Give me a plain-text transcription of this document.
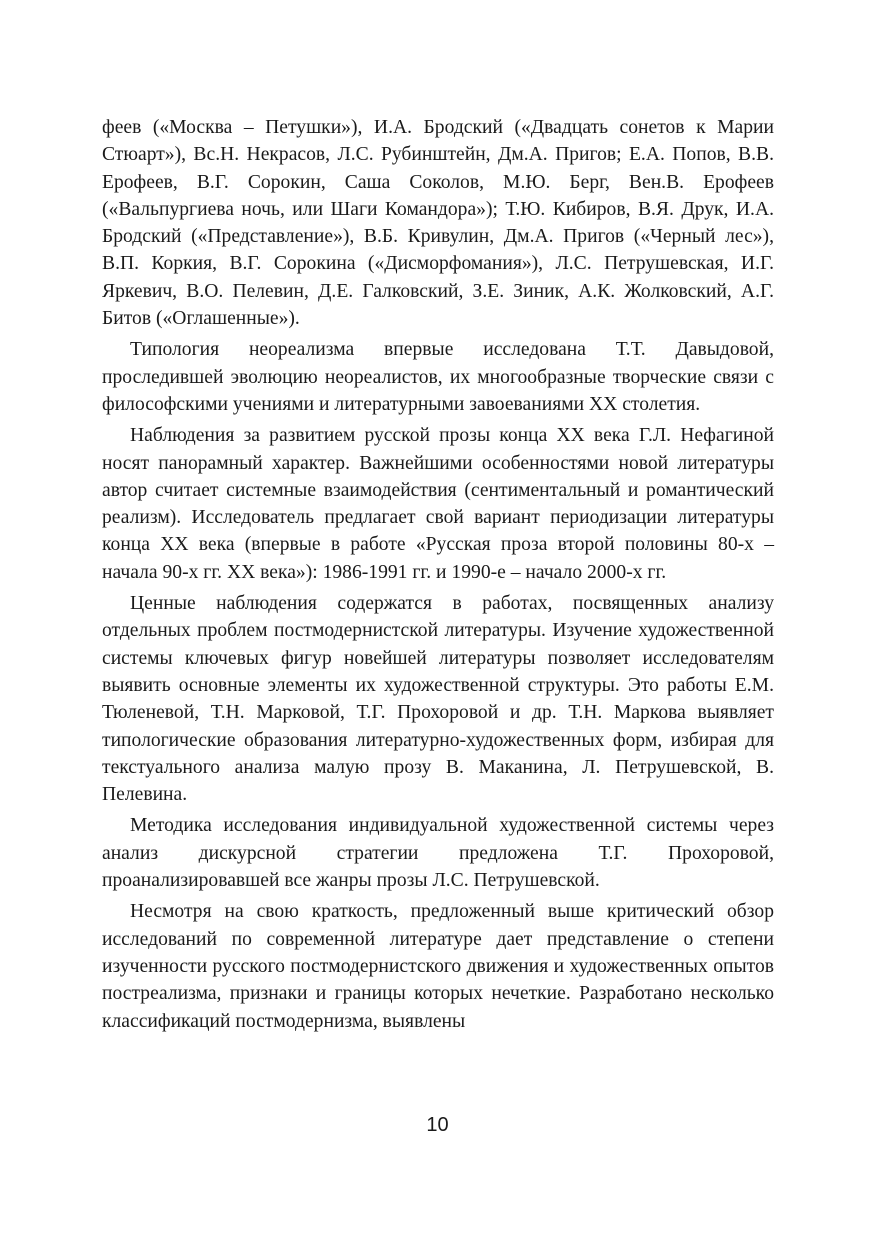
феев («Москва – Петушки»), И.А. Бродский («Двадцать сонетов к Марии Стюарт»), Вс.Н. Некрасов, Л.С. Рубинштейн, Дм.А. Пригов; Е.А. Попов, В.В. Ерофеев, В.Г. Сорокин, Саша Соколов, М.Ю. Берг, Вен.В. Ерофеев («Вальпургиева ночь, или Шаги Командора»); Т.Ю. Кибиров, В.Я. Друк, И.А. Бродский («Представление»), В.Б. Кривулин, Дм.А. Пригов («Черный лес»), В.П. Коркия, В.Г. Сорокина («Дисморфомания»), Л.С. Петрушевская, И.Г. Яркевич, В.О. Пелевин, Д.Е. Галковский, З.Е. Зиник, А.К. Жолковский, А.Г. Битов («Оглашенные»).

Типология неореализма впервые исследована Т.Т. Давыдовой, проследившей эволюцию неореалистов, их многообразные творческие связи с философскими учениями и литературными завоеваниями XX столетия.

Наблюдения за развитием русской прозы конца XX века Г.Л. Нефагиной носят панорамный характер. Важнейшими особенностями новой литературы автор считает системные взаимодействия (сентиментальный и романтический реализм). Исследователь предлагает свой вариант периодизации литературы конца XX века (впервые в работе «Русская проза второй половины 80-х – начала 90-х гг. XX века»): 1986-1991 гг. и 1990-е – начало 2000-х гг.

Ценные наблюдения содержатся в работах, посвященных анализу отдельных проблем постмодернистской литературы. Изучение художественной системы ключевых фигур новейшей литературы позволяет исследователям выявить основные элементы их художественной структуры. Это работы Е.М. Тюленевой, Т.Н. Марковой, Т.Г. Прохоровой и др. Т.Н. Маркова выявляет типологические образования литературно-художественных форм, избирая для текстуального анализа малую прозу В. Маканина, Л. Петрушевской, В. Пелевина.

Методика исследования индивидуальной художественной системы через анализ дискурсной стратегии предложена Т.Г. Прохоровой, проанализировавшей все жанры прозы Л.С. Петрушевской.

Несмотря на свою краткость, предложенный выше критический обзор исследований по современной литературе дает представление о степени изученности русского постмодернистского движения и художественных опытов постреализма, признаки и границы которых нечеткие. Разработано несколько классификаций постмодернизма, выявлены

10
